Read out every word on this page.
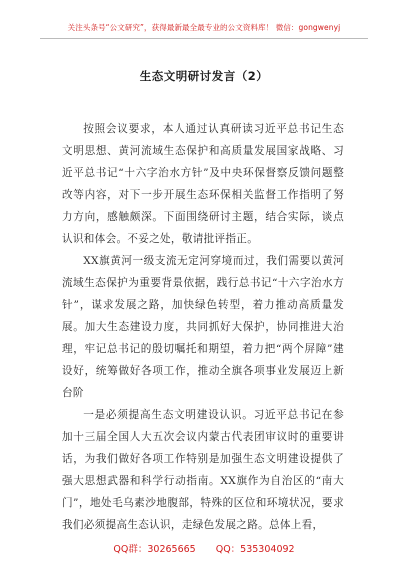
关注头条号“公文研究”，获得最新最全最专业的公文资料库！ 微信：gongwenyj
生态文明研讨发言（2）

按照会议要求，本人通过认真研读习近平总书记生态文明思想、黄河流域生态保护和高质量发展国家战略、习近平总书记“十六字治水方针”及中央环保督察反馈问题整改等内容，对下一步开展生态环保相关监督工作指明了努力方向，感触颇深。下面围绕研讨主题，结合实际，谈点认识和体会。不妥之处，敬请批评指正。

XX旗黄河一级支流无定河穿境而过，我们需要以黄河流域生态保护为重要背景依据，践行总书记“十六字治水方针”，谋求发展之路，加快绿色转型，着力推动高质量发展。加大生态建设力度，共同抓好大保护，协同推进大治理，牢记总书记的殷切嘱托和期望，着力把“两个屏障”建设好，统筹做好各项工作，推动全旗各项事业发展迈上新台阶

一是必须提高生态文明建设认识。习近平总书记在参加十三届全国人大五次会议内蒙古代表团审议时的重要讲话，为我们做好各项工作特别是加强生态文明建设提供了强大思想武器和科学行动指南。XX旗作为自治区的“南大门”，地处毛乌素沙地腹部，特殊的区位和环境状况，要求我们必须提高生态认识，走绿色发展之路。总体上看，

QQ群：30265665 QQ：535304092
